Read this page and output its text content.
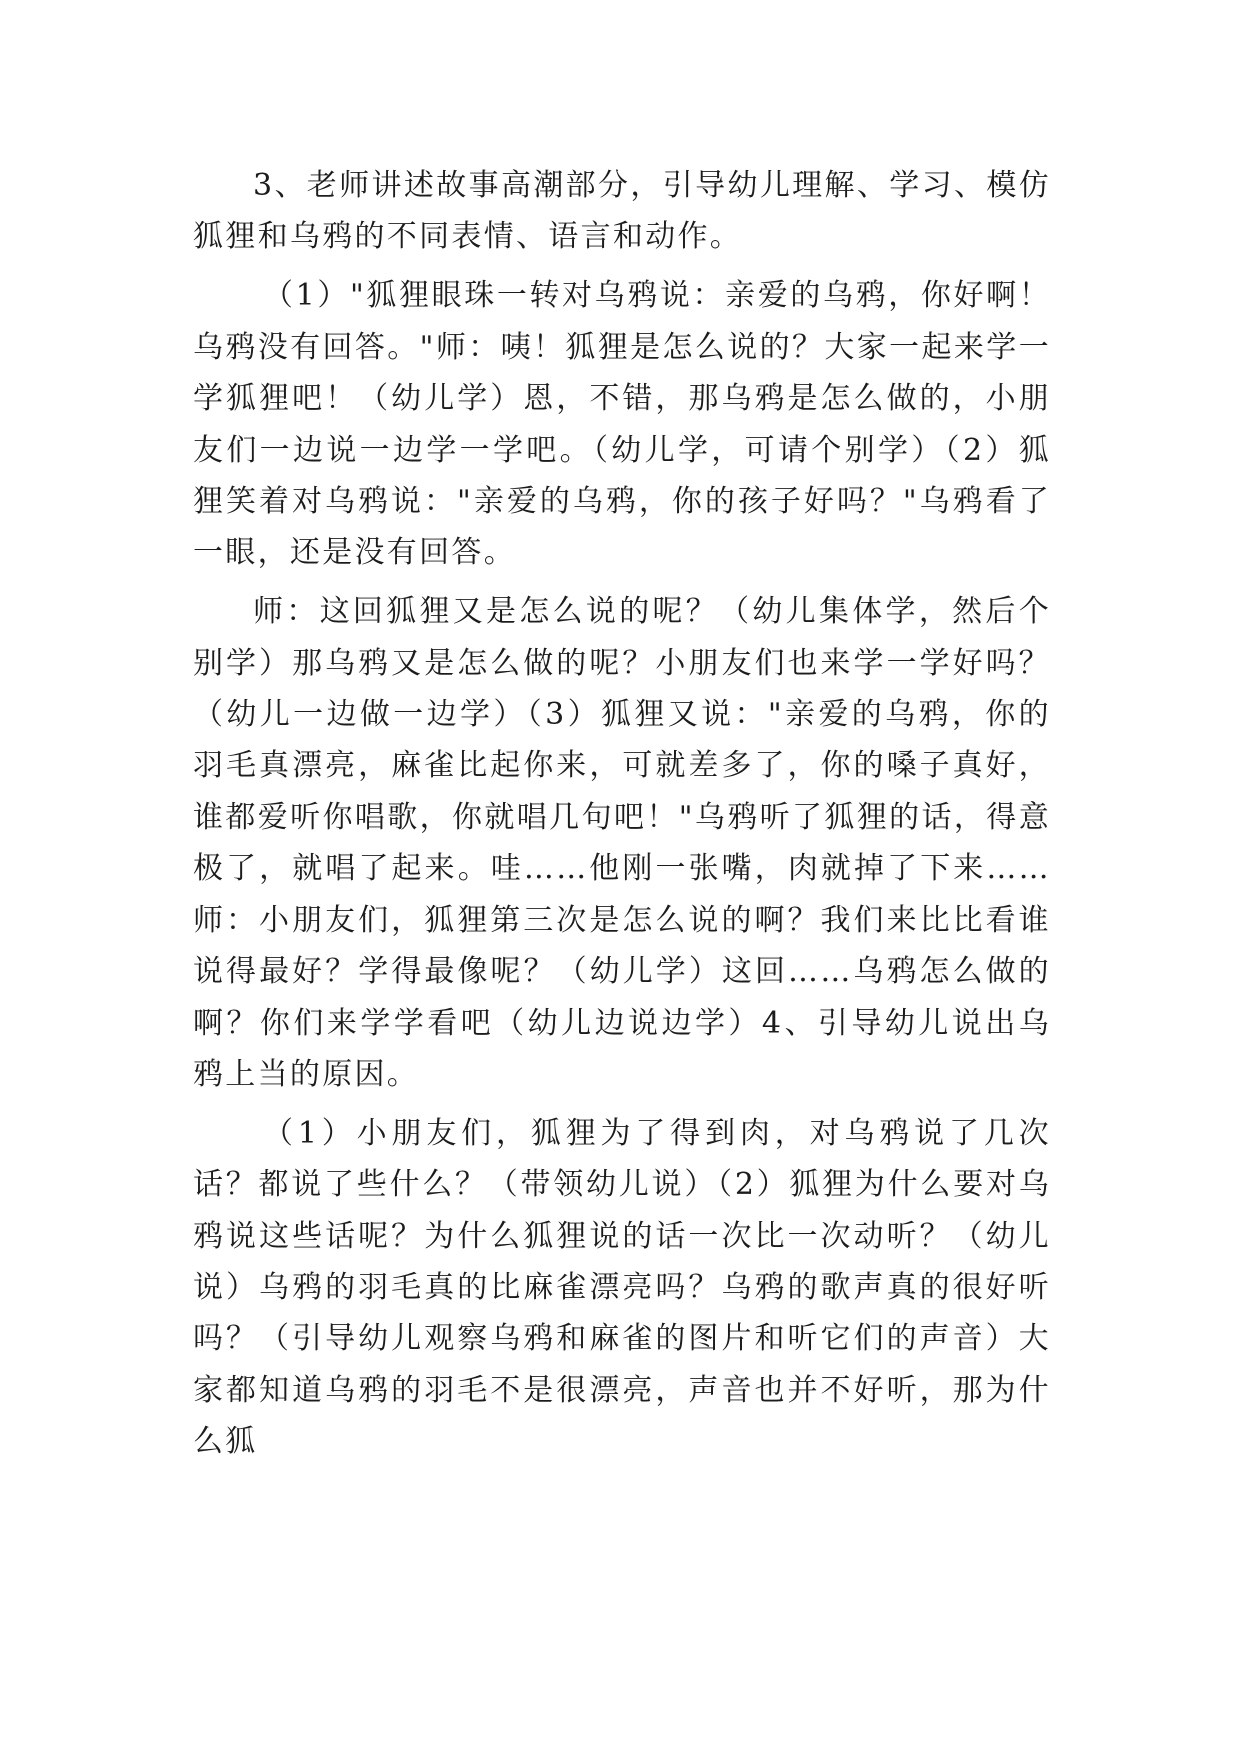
3、老师讲述故事高潮部分，引导幼儿理解、学习、模仿狐狸和乌鸦的不同表情、语言和动作。

（1）"狐狸眼珠一转对乌鸦说：亲爱的乌鸦，你好啊！乌鸦没有回答。"师：咦！狐狸是怎么说的？大家一起来学一学狐狸吧！（幼儿学）恩，不错，那乌鸦是怎么做的，小朋友们一边说一边学一学吧。（幼儿学，可请个别学）（2）狐狸笑着对乌鸦说："亲爱的乌鸦，你的孩子好吗？"乌鸦看了一眼，还是没有回答。

师：这回狐狸又是怎么说的呢？（幼儿集体学，然后个别学）那乌鸦又是怎么做的呢？小朋友们也来学一学好吗？（幼儿一边做一边学）（3）狐狸又说："亲爱的乌鸦，你的羽毛真漂亮，麻雀比起你来，可就差多了，你的嗓子真好，谁都爱听你唱歌，你就唱几句吧！"乌鸦听了狐狸的话，得意极了，就唱了起来。哇……他刚一张嘴，肉就掉了下来……师：小朋友们，狐狸第三次是怎么说的啊？我们来比比看谁说得最好？学得最像呢？（幼儿学）这回……乌鸦怎么做的啊？你们来学学看吧（幼儿边说边学）4、引导幼儿说出乌鸦上当的原因。

（1）小朋友们，狐狸为了得到肉，对乌鸦说了几次话？都说了些什么？（带领幼儿说）（2）狐狸为什么要对乌鸦说这些话呢？为什么狐狸说的话一次比一次动听？（幼儿说）乌鸦的羽毛真的比麻雀漂亮吗？乌鸦的歌声真的很好听吗？（引导幼儿观察乌鸦和麻雀的图片和听它们的声音）大家都知道乌鸦的羽毛不是很漂亮，声音也并不好听，那为什么狐
